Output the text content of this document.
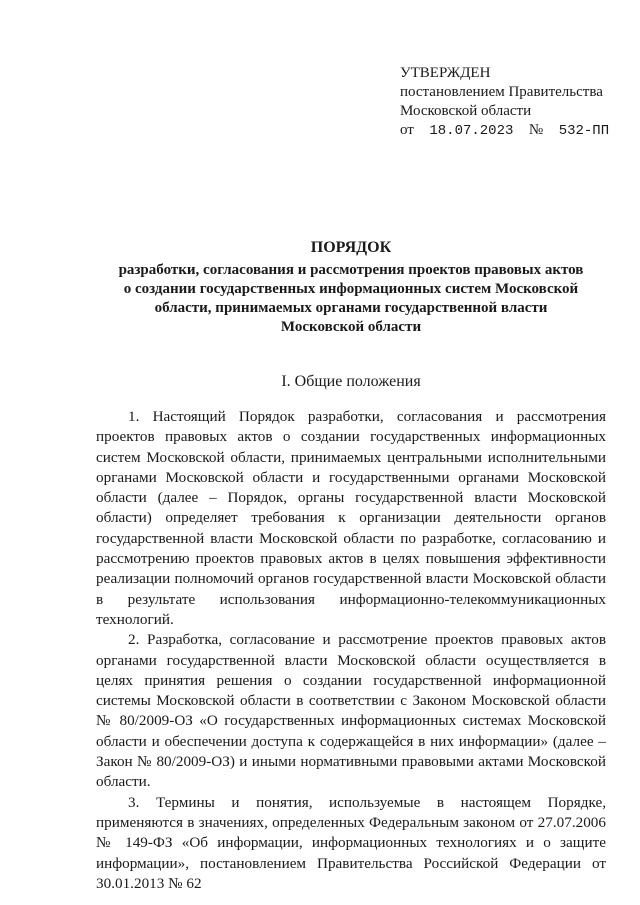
УТВЕРЖДЕН
постановлением Правительства
Московской области
от 18.07.2023 № 532-ПП
ПОРЯДОК
разработки, согласования и рассмотрения проектов правовых актов
о создании государственных информационных систем Московской
области, принимаемых органами государственной власти
Московской области
I. Общие положения

1. Настоящий Порядок разработки, согласования и рассмотрения проектов правовых актов о создании государственных информационных систем Московской области, принимаемых центральными исполнительными органами Московской области и государственными органами Московской области (далее – Порядок, органы государственной власти Московской области) определяет требования к организации деятельности органов государственной власти Московской области по разработке, согласованию и рассмотрению проектов правовых актов в целях повышения эффективности реализации полномочий органов государственной власти Московской области в результате использования информационно-телекоммуникационных технологий.

2. Разработка, согласование и рассмотрение проектов правовых актов органами государственной власти Московской области осуществляется в целях принятия решения о создании государственной информационной системы Московской области в соответствии с Законом Московской области № 80/2009-ОЗ «О государственных информационных системах Московской области и обеспечении доступа к содержащейся в них информации» (далее – Закон № 80/2009-ОЗ) и иными нормативными правовыми актами Московской области.

3. Термины и понятия, используемые в настоящем Порядке, применяются в значениях, определенных Федеральным законом от 27.07.2006 № 149-ФЗ «Об информации, информационных технологиях и о защите информации», постановлением Правительства Российской Федерации от 30.01.2013 № 62
